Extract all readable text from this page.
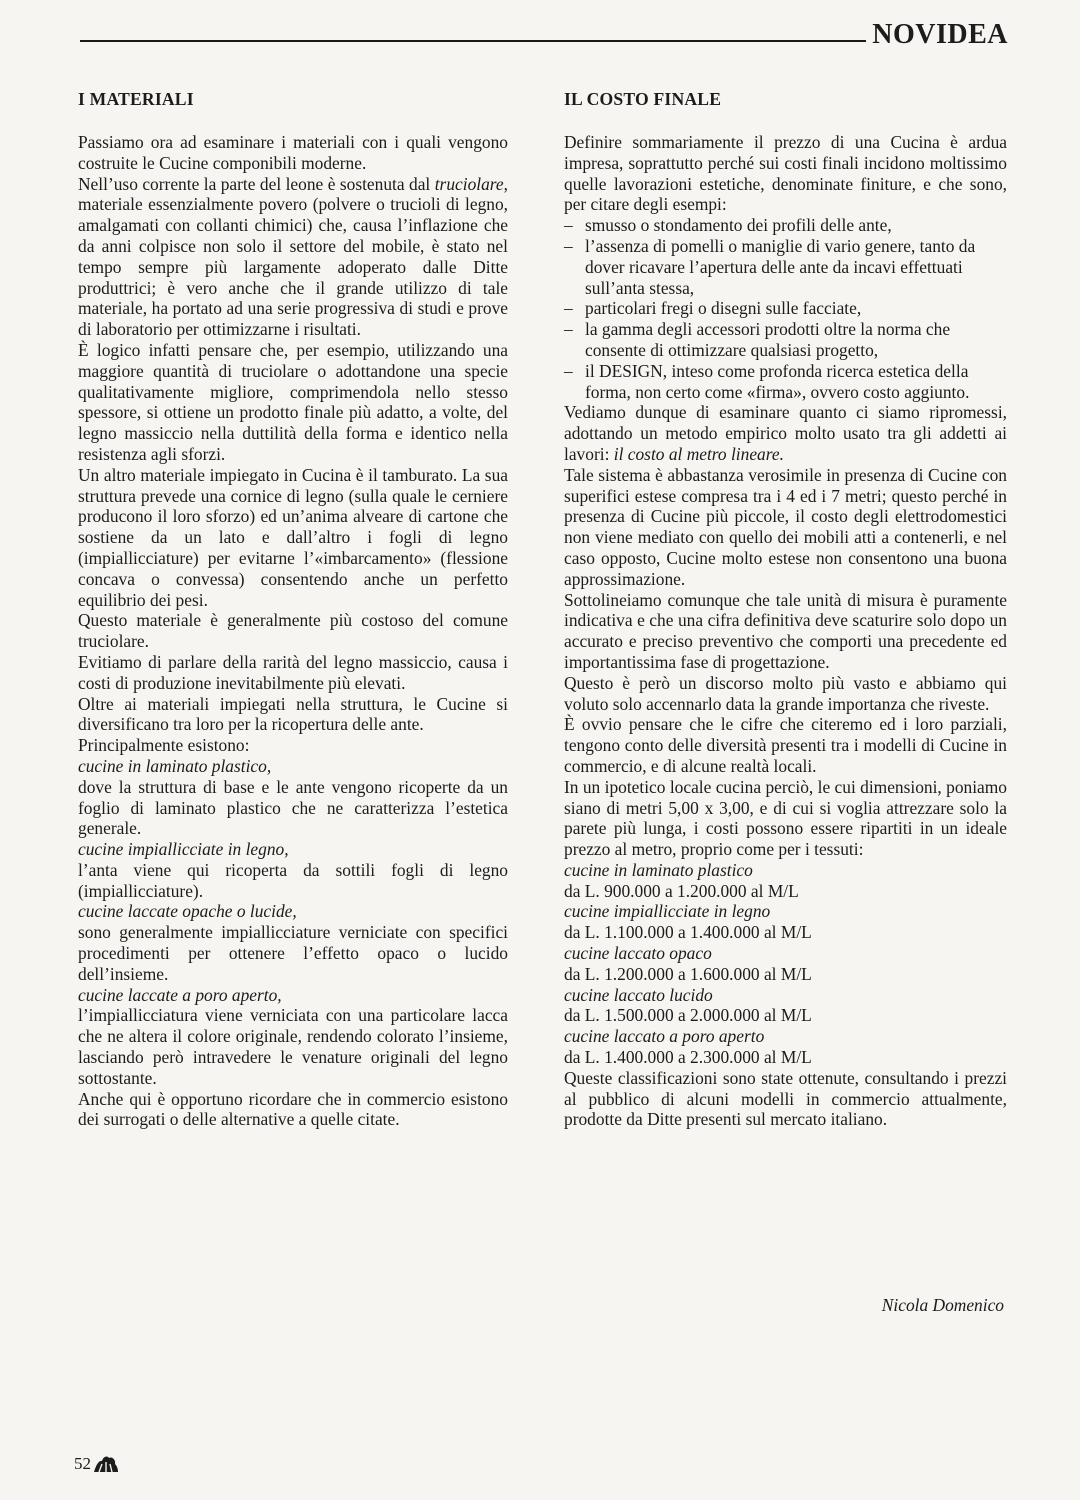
NOVIDEA
I MATERIALI

Passiamo ora ad esaminare i materiali con i quali vengono costruite le Cucine componibili moderne.

Nell’uso corrente la parte del leone è sostenuta dal truciolare, materiale essenzialmente povero (polvere o trucioli di legno, amalgamati con collanti chimici) che, causa l’inflazione che da anni colpisce non solo il settore del mobile, è stato nel tempo sempre più largamente adoperato dalle Ditte produttrici; è vero anche che il grande utilizzo di tale materiale, ha portato ad una serie progressiva di studi e prove di laboratorio per ottimizzarne i risultati.

È logico infatti pensare che, per esempio, utilizzando una maggiore quantità di truciolare o adottandone una specie qualitativamente migliore, comprimendola nello stesso spessore, si ottiene un prodotto finale più adatto, a volte, del legno massiccio nella duttilità della forma e identico nella resistenza agli sforzi.

Un altro materiale impiegato in Cucina è il tamburato. La sua struttura prevede una cornice di legno (sulla quale le cerniere producono il loro sforzo) ed un’anima alveare di cartone che sostiene da un lato e dall’altro i fogli di legno (impiallicciature) per evitarne l’«imbarcamento» (flessione concava o convessa) consentendo anche un perfetto equilibrio dei pesi.

Questo materiale è generalmente più costoso del comune truciolare.

Evitiamo di parlare della rarità del legno massiccio, causa i costi di produzione inevitabilmente più elevati.

Oltre ai materiali impiegati nella struttura, le Cucine si diversificano tra loro per la ricopertura delle ante.

Principalmente esistono:

cucine in laminato plastico,

dove la struttura di base e le ante vengono ricoperte da un foglio di laminato plastico che ne caratterizza l’estetica generale.

cucine impiallicciate in legno,

l’anta viene qui ricoperta da sottili fogli di legno (impiallicciature).

cucine laccate opache o lucide,

sono generalmente impiallicciature verniciate con specifici procedimenti per ottenere l’effetto opaco o lucido dell’insieme.

cucine laccate a poro aperto,

l’impiallicciatura viene verniciata con una particolare lacca che ne altera il colore originale, rendendo colorato l’insieme, lasciando però intravedere le venature originali del legno sottostante.

Anche qui è opportuno ricordare che in commercio esistono dei surrogati o delle alternative a quelle citate.

IL COSTO FINALE

Definire sommariamente il prezzo di una Cucina è ardua impresa, soprattutto perché sui costi finali incidono moltissimo quelle lavorazioni estetiche, denominate finiture, e che sono, per citare degli esempi:

– smusso o stondamento dei profili delle ante,
– l’assenza di pomelli o maniglie di vario genere, tanto da dover ricavare l’apertura delle ante da incavi effettuati sull’anta stessa,
– particolari fregi o disegni sulle facciate,
– la gamma degli accessori prodotti oltre la norma che consente di ottimizzare qualsiasi progetto,
– il DESIGN, inteso come profonda ricerca estetica della forma, non certo come «firma», ovvero costo aggiunto.

Vediamo dunque di esaminare quanto ci siamo ripromessi, adottando un metodo empirico molto usato tra gli addetti ai lavori: il costo al metro lineare.

Tale sistema è abbastanza verosimile in presenza di Cucine con superifici estese compresa tra i 4 ed i 7 metri; questo perché in presenza di Cucine più piccole, il costo degli elettrodomestici non viene mediato con quello dei mobili atti a contenerli, e nel caso opposto, Cucine molto estese non consentono una buona approssimazione.

Sottolineiamo comunque che tale unità di misura è puramente indicativa e che una cifra definitiva deve scaturire solo dopo un accurato e preciso preventivo che comporti una precedente ed importantissima fase di progettazione.

Questo è però un discorso molto più vasto e abbiamo qui voluto solo accennarlo data la grande importanza che riveste.

È ovvio pensare che le cifre che citeremo ed i loro parziali, tengono conto delle diversità presenti tra i modelli di Cucine in commercio, e di alcune realtà locali.

In un ipotetico locale cucina perciò, le cui dimensioni, poniamo siano di metri 5,00 x 3,00, e di cui si voglia attrezzare solo la parete più lunga, i costi possono essere ripartiti in un ideale prezzo al metro, proprio come per i tessuti:

cucine in laminato plastico

da L. 900.000 a 1.200.000 al M/L

cucine impiallicciate in legno

da L. 1.100.000 a 1.400.000 al M/L

cucine laccato opaco

da L. 1.200.000 a 1.600.000 al M/L

cucine laccato lucido

da L. 1.500.000 a 2.000.000 al M/L

cucine laccato a poro aperto

da L. 1.400.000 a 2.300.000 al M/L

Queste classificazioni sono state ottenute, consultando i prezzi al pubblico di alcuni modelli in commercio attualmente, prodotte da Ditte presenti sul mercato italiano.

Nicola Domenico
52
